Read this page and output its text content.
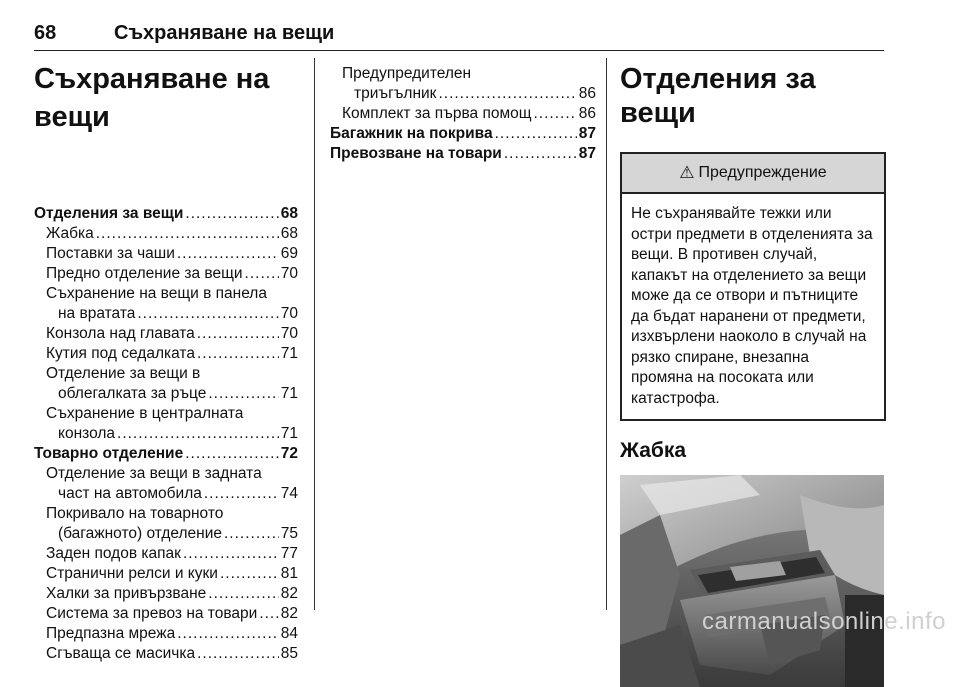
68	Съхраняване на вещи
Съхраняване на
вещи
Отделения за вещи .....	68
Жабка .....	68
Поставки за чаши .....	69
Предно отделение за вещи ..... 70
Съхранение на вещи в панела
на вратата .....	70
Конзола над главата .....	70
Кутия под седалката .....	71
Отделение за вещи в
облегалката за ръце .....	71
Съхранение в централната
конзола .....	71
Товарно отделение .....	72
Отделение за вещи в задната
част на автомобила .....	74
Покривало на товарното
(багажното) отделение .....	75
Заден подов капак .....	77
Странични релси и куки .....	81
Халки за привързване .....	82
Система за превоз на товари ..... 82
Предпазна мрежа .....	84
Сгъваща се масичка .....	85
Предупредителен
триъгълник .....	86
Комплект за първа помощ .....	86
Багажник на покрива .....	87
Превозване на товари .....	87
Отделения за вещи
⚠ Предупреждение
Не съхранявайте тежки или остри предмети в отделенията за вещи. В противен случай, капакът на отделението за вещи може да се отвори и пътниците да бъдат наранени от предмети, изхвърлени наоколо в случай на рязко спиране, внезапна промяна на посоката или катастрофа.
Жабка
carmanualsonline.info
